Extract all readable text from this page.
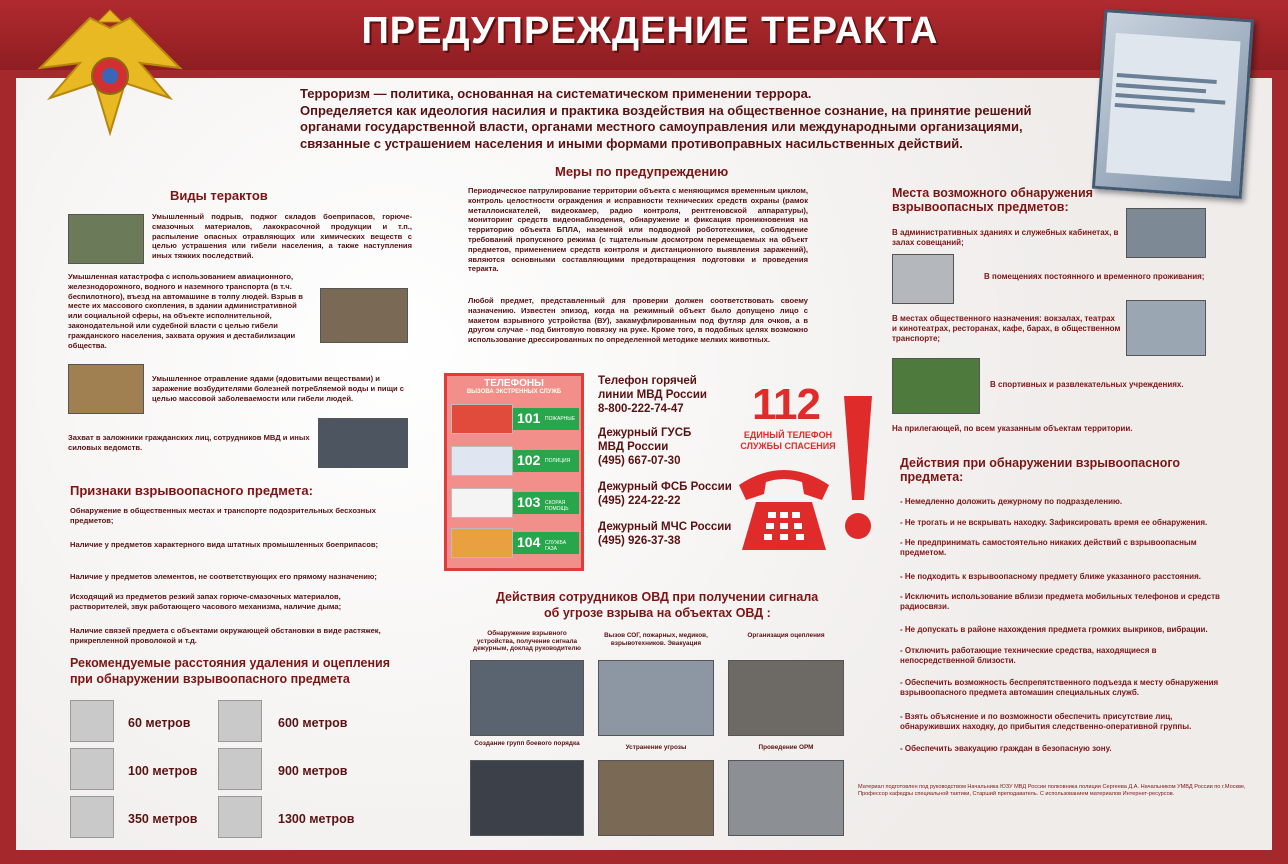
ПРЕДУПРЕЖДЕНИЕ ТЕРАКТА
Терроризм — политика, основанная на систематическом применении террора.
Определяется как идеология насилия и практика воздействия на общественное сознание, на принятие решений органами государственной власти, органами местного самоуправления или международными организациями, связанные с устрашением населения и иными формами противоправных насильственных действий.
Виды терактов
Умышленный подрыв, поджог складов боеприпасов, горюче-смазочных материалов, лакокрасочной продукции и т.п., распыление опасных отравляющих или химических веществ с целью устрашения или гибели населения, а также наступления иных тяжких последствий.
Умышленная катастрофа с использованием авиационного, железнодорожного, водного и наземного транспорта (в т.ч. беспилотного), въезд на автомашине в толпу людей. Взрыв в месте их массового скопления, в здании административной или социальной сферы, на объекте исполнительной, законодательной или судебной власти с целью гибели гражданского населения, захвата оружия и дестабилизации общества.
Умышленное отравление ядами (ядовитыми веществами) и заражение возбудителями болезней потребляемой воды и пищи с целью массовой заболеваемости или гибели людей.
Захват в заложники гражданских лиц, сотрудников МВД и иных силовых ведомств.
Признаки взрывоопасного предмета:
Обнаружение в общественных местах и транспорте подозрительных бесхозных предметов;
Наличие у предметов характерного вида штатных промышленных боеприпасов;
Наличие у предметов элементов, не соответствующих его прямому назначению;
Исходящий из предметов резкий запах горюче-смазочных материалов, растворителей, звук работающего часового механизма, наличие дыма;
Наличие связей предмета с объектами окружающей обстановки в виде растяжек, прикрепленной проволокой и т.д.
Рекомендуемые расстояния удаления и оцепления
при обнаружении взрывоопасного предмета
60 метров	600 метров
100 метров	900 метров
350 метров	1300 метров
Меры по предупреждению
Периодическое патрулирование территории объекта с меняющимся временным циклом, контроль целостности ограждения и исправности технических средств охраны (рамок металлоискателей, видеокамер, радио контроля, рентгеновской аппаратуры), мониторинг средств видеонаблюдения, обнаружение и фиксация проникновения на территорию объекта БПЛА, наземной или подводной робототехники, соблюдение требований пропускного режима (с тщательным досмотром перемещаемых на объект предметов, применением средств контроля и дистанционного выявления заражений), являются основными составляющими предотвращения подготовки и проведения теракта.
Любой предмет, представленный для проверки должен соответствовать своему назначению. Известен эпизод, когда на режимный объект было допущено лицо с макетом взрывного устройства (ВУ), закамуфлированным под футляр для очков, а в другом случае - под бинтовую повязку на руке. Кроме того, в подобных целях возможно использование дрессированных по определенной методике мелких животных.
ТЕЛЕФОНЫ
ВЫЗОВА ЭКСТРЕННЫХ СЛУЖБ
101 ПОЖАРНЫЕ
102 ПОЛИЦИЯ
103 СКОРАЯ ПОМОЩЬ
104 СЛУЖБА ГАЗА
Телефон горячей
линии МВД России
8-800-222-74-47
Дежурный ГУСБ
МВД России
(495) 667-07-30
Дежурный ФСБ России
(495) 224-22-22
Дежурный МЧС России
(495) 926-37-38
112
ЕДИНЫЙ ТЕЛЕФОН СЛУЖБЫ СПАСЕНИЯ
Действия сотрудников ОВД при получении сигнала
об угрозе взрыва на объектах ОВД :
Обнаружение взрывного устройства, получение сигнала дежурным, доклад руководителю
Вызов СОГ, пожарных, медиков, взрывотехников. Эвакуация
Организация оцепления
Создание групп боевого порядка
Устранение угрозы	Проведение ОРМ
Материал подготовлен под руководством Начальника ЮЗУ МВД России полковника полиции Сергеева Д.А. Начальником УМВД России по г.Москве, Профессор кафедры специальной тактики, Старший преподаватель. С использованием материалов Интернет-ресурсов.
Места возможного обнаружения взрывоопасных предметов:
В административных зданиях и служебных кабинетах, в залах совещаний;
В помещениях постоянного и временного проживания;
В местах общественного назначения: вокзалах, театрах и кинотеатрах, ресторанах, кафе, барах, в общественном транспорте;
В спортивных и развлекательных учреждениях.
На прилегающей, по всем указанным объектам территории.
Действия при обнаружении взрывоопасного предмета:
- Немедленно доложить дежурному по подразделению.
- Не трогать и не вскрывать находку. Зафиксировать время ее обнаружения.
- Не предпринимать самостоятельно никаких действий с взрывоопасным предметом.
- Не подходить к взрывоопасному предмету ближе указанного расстояния.
- Исключить использование вблизи предмета мобильных телефонов и средств радиосвязи.
- Не допускать в районе нахождения предмета громких выкриков, вибрации.
- Отключить работающие технические средства, находящиеся в непосредственной близости.
- Обеспечить возможность беспрепятственного подъезда к месту обнаружения взрывоопасного предмета автомашин специальных служб.
- Взять объяснение и по возможности обеспечить присутствие лиц, обнаруживших находку, до прибытия следственно-оперативной группы.
- Обеспечить эвакуацию граждан в безопасную зону.
